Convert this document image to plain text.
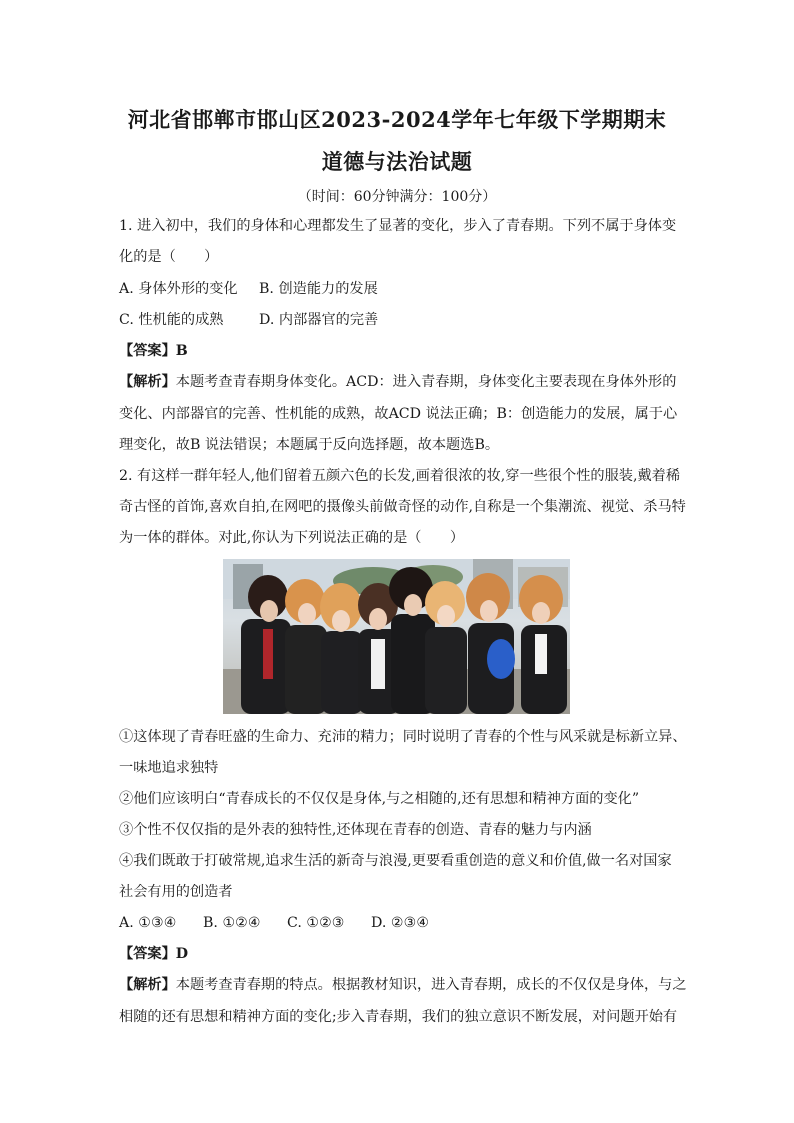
河北省邯郸市邯山区2023-2024学年七年级下学期期末
道德与法治试题
（时间：60分钟满分：100分）
1. 进入初中，我们的身体和心理都发生了显著的变化，步入了青春期。下列不属于身体变
化的是（　　）
A. 身体外形的变化 B. 创造能力的发展
C. 性机能的成熟	D. 内部器官的完善
【答案】B
【解析】本题考查青春期身体变化。ACD：进入青春期，身体变化主要表现在身体外形的
变化、内部器官的完善、性机能的成熟，故ACD 说法正确；B：创造能力的发展，属于心
理变化，故B 说法错误；本题属于反向选择题，故本题选B。
2. 有这样一群年轻人,他们留着五颜六色的长发,画着很浓的妆,穿一些很个性的服装,戴着稀
奇古怪的首饰,喜欢自拍,在网吧的摄像头前做奇怪的动作,自称是一个集潮流、视觉、杀马特
为一体的群体。对此,你认为下列说法正确的是（　　）
①这体现了青春旺盛的生命力、充沛的精力；同时说明了青春的个性与风采就是标新立异、
一味地追求独特
②他们应该明白“青春成长的不仅仅是身体,与之相随的,还有思想和精神方面的变化”
③个性不仅仅指的是外表的独特性,还体现在青春的创造、青春的魅力与内涵
④我们既敢于打破常规,追求生活的新奇与浪漫,更要看重创造的意义和价值,做一名对国家
社会有用的创造者
A. ①③④ B. ①②④ C. ①②③ D. ②③④
【答案】D
【解析】本题考查青春期的特点。根据教材知识，进入青春期，成长的不仅仅是身体，与之
相随的还有思想和精神方面的变化;步入青春期，我们的独立意识不断发展，对问题开始有
